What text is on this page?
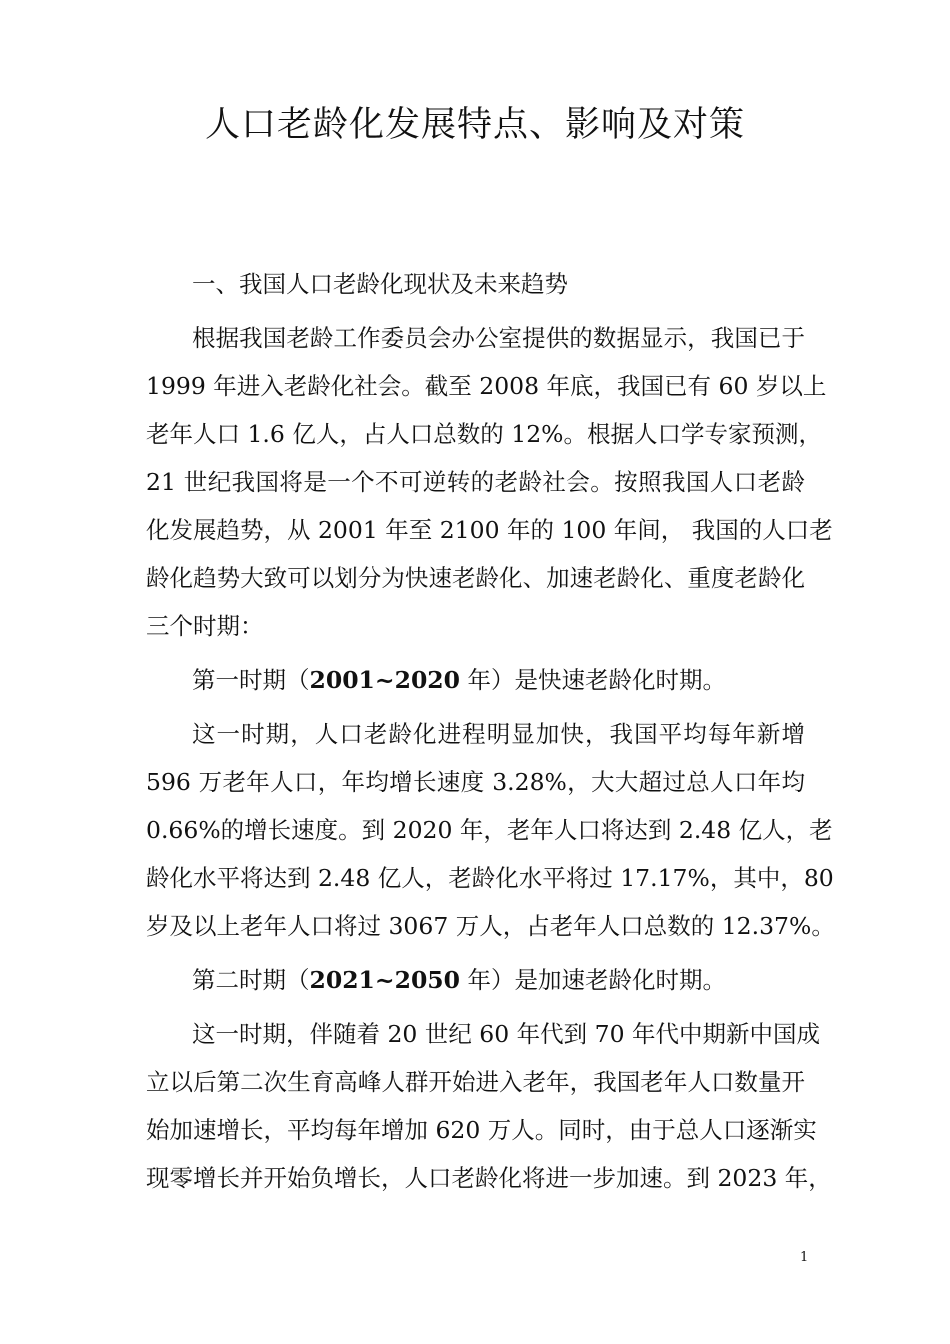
人口老龄化发展特点、影响及对策
一、我国人口老龄化现状及未来趋势
根据我国老龄工作委员会办公室提供的数据显示，我国已于
1999 年进入老龄化社会。截至 2008 年底，我国已有 60 岁以上
老年人口 1.6 亿人，占人口总数的 12%。根据人口学专家预测，
21 世纪我国将是一个不可逆转的老龄社会。按照我国人口老龄
化发展趋势，从 2001 年至 2100 年的 100 年间， 我国的人口老
龄化趋势大致可以划分为快速老龄化、加速老龄化、重度老龄化
三个时期：
第一时期（2001~2020 年）是快速老龄化时期。
这一时期，人口老龄化进程明显加快，我国平均每年新增
596 万老年人口，年均增长速度 3.28%，大大超过总人口年均
0.66%的增长速度。到 2020 年，老年人口将达到 2.48 亿人，老
龄化水平将达到 2.48 亿人，老龄化水平将过 17.17%，其中，80
岁及以上老年人口将过 3067 万人，占老年人口总数的 12.37%。
第二时期（2021~2050 年）是加速老龄化时期。
这一时期，伴随着 20 世纪 60 年代到 70 年代中期新中国成
立以后第二次生育高峰人群开始进入老年，我国老年人口数量开
始加速增长，平均每年增加 620 万人。同时，由于总人口逐渐实
现零增长并开始负增长，人口老龄化将进一步加速。到 2023 年，
1
